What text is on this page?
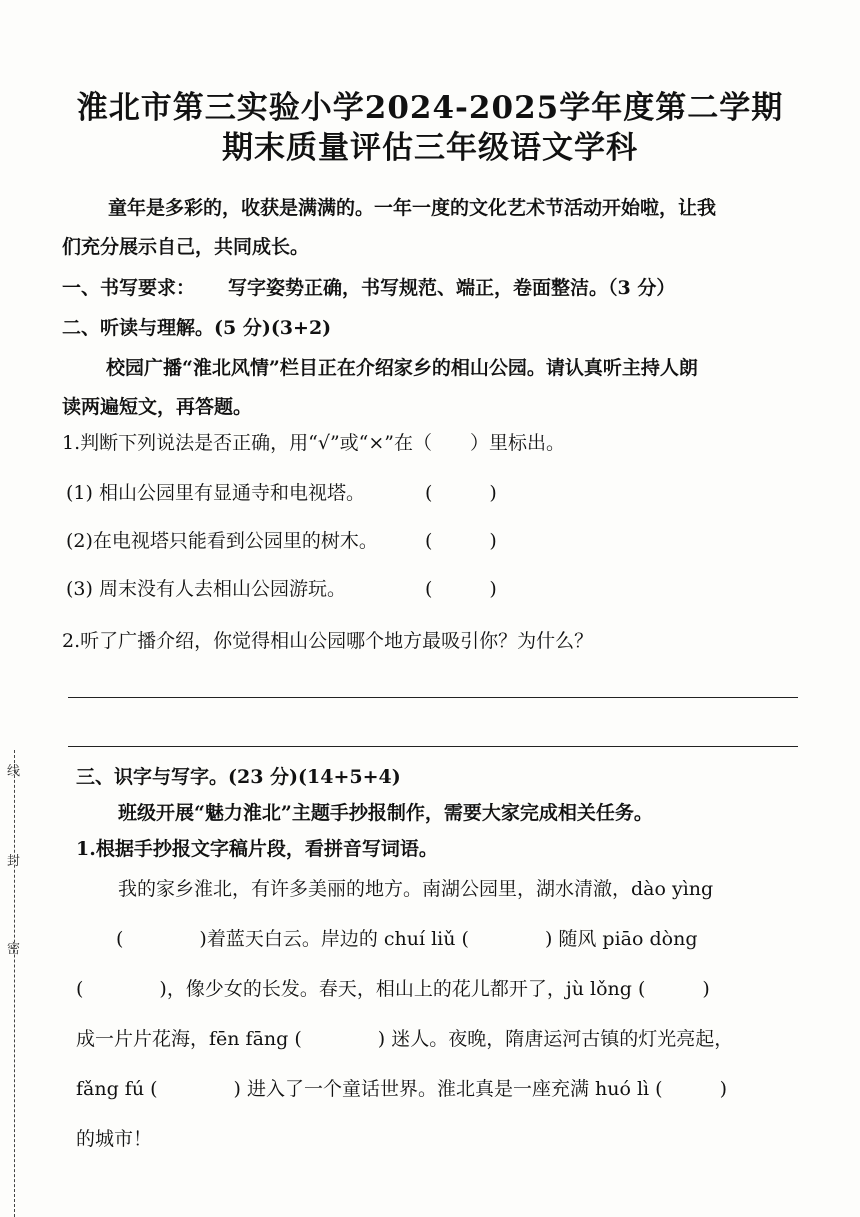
淮北市第三实验小学2024-2025学年度第二学期
期末质量评估三年级语文学科
童年是多彩的，收获是满满的。一年一度的文化艺术节活动开始啦，让我
们充分展示自己，共同成长。
一、书写要求： 写字姿势正确，书写规范、端正，卷面整洁。（3 分）
二、听读与理解。(5 分)(3+2)
校园广播“淮北风情”栏目正在介绍家乡的相山公园。请认真听主持人朗
读两遍短文，再答题。
1.判断下列说法是否正确，用“√”或“×”在（　　）里标出。
(1) 相山公园里有显通寺和电视塔。	(　　　)
(2)在电视塔只能看到公园里的树木。 (　　　)
(3) 周末没有人去相山公园游玩。	(　　　)
2.听了广播介绍，你觉得相山公园哪个地方最吸引你？为什么？
三、识字与写字。(23 分)(14+5+4)
班级开展“魅力淮北”主题手抄报制作，需要大家完成相关任务。
1.根据手抄报文字稿片段，看拼音写词语。
我的家乡淮北，有许多美丽的地方。南湖公园里，湖水清澈，dào yìng
(　　　　)着蓝天白云。岸边的 chuí liǔ (　　　　) 随风 piāo dòng
(　　　　)，像少女的长发。春天，相山上的花儿都开了，jù lǒng (　　　)
成一片片花海，fēn fāng (　　　　) 迷人。夜晚，隋唐运河古镇的灯光亮起，
fǎng fú (　　　　) 进入了一个童话世界。淮北真是一座充满 huó lì (　　　)
的城市！
线
封
密
